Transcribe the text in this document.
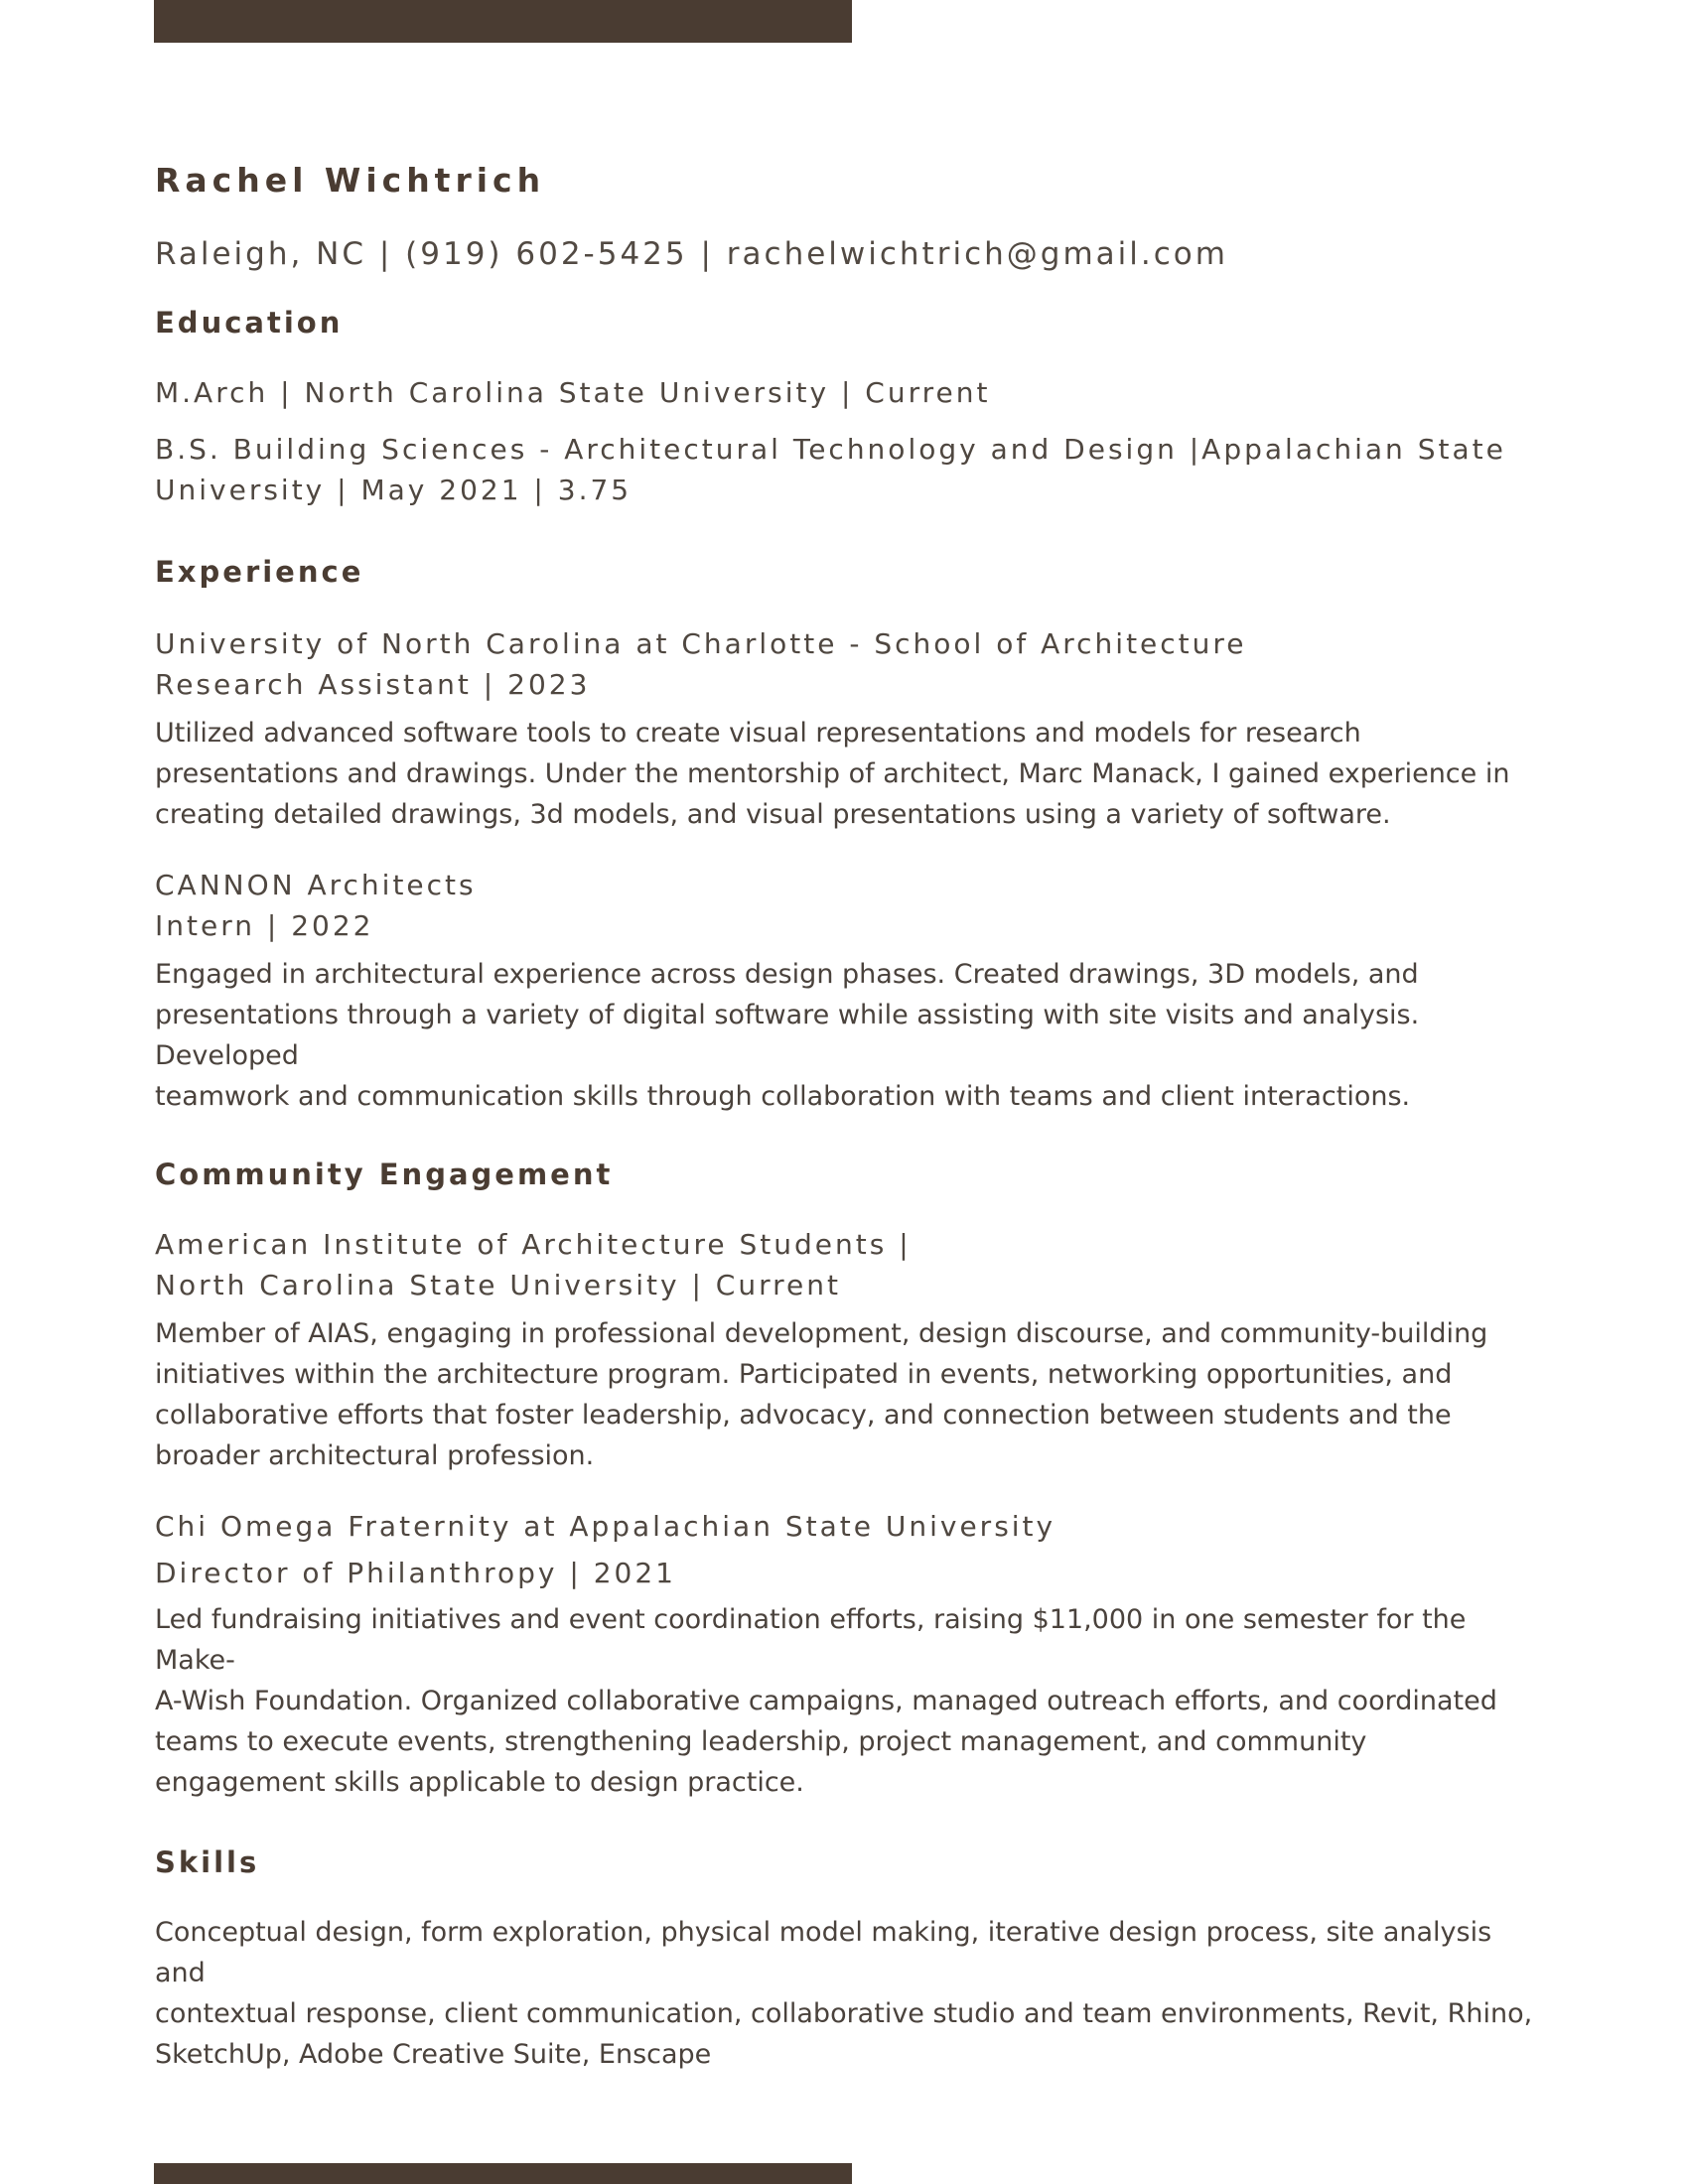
Rachel Wichtrich
Raleigh, NC | (919) 602-5425 | rachelwichtrich@gmail.com
Education
M.Arch | North Carolina State University | Current
B.S. Building Sciences - Architectural Technology and Design |Appalachian State
University | May 2021 | 3.75
Experience
University of North Carolina at Charlotte - School of Architecture
Research Assistant | 2023
Utilized advanced software tools to create visual representations and models for research
presentations and drawings. Under the mentorship of architect, Marc Manack, I gained experience in
creating detailed drawings, 3d models, and visual presentations using a variety of software.
CANNON Architects
Intern | 2022
Engaged in architectural experience across design phases. Created drawings, 3D models, and
presentations through a variety of digital software while assisting with site visits and analysis. Developed
teamwork and communication skills through collaboration with teams and client interactions.
Community Engagement
American Institute of Architecture Students |
North Carolina State University | Current
Member of AIAS, engaging in professional development, design discourse, and community-building
initiatives within the architecture program. Participated in events, networking opportunities, and
collaborative efforts that foster leadership, advocacy, and connection between students and the
broader architectural profession.
Chi Omega Fraternity at Appalachian State University
Director of Philanthropy | 2021
Led fundraising initiatives and event coordination efforts, raising $11,000 in one semester for the Make-
A-Wish Foundation. Organized collaborative campaigns, managed outreach efforts, and coordinated
teams to execute events, strengthening leadership, project management, and community
engagement skills applicable to design practice.
Skills
Conceptual design, form exploration, physical model making, iterative design process, site analysis and
contextual response, client communication, collaborative studio and team environments, Revit, Rhino,
SketchUp, Adobe Creative Suite, Enscape
